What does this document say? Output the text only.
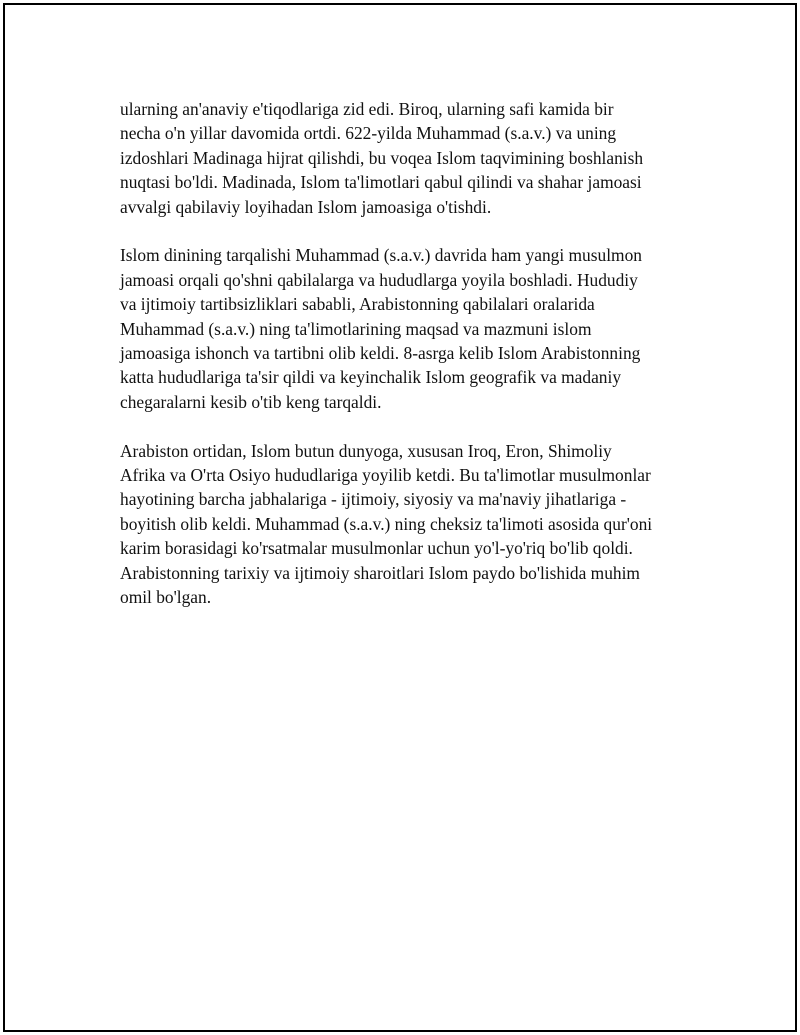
ularning an'anaviy e'tiqodlariga zid edi. Biroq, ularning safi kamida bir
necha o'n yillar davomida ortdi. 622-yilda Muhammad (s.a.v.) va uning
izdoshlari Madinaga hijrat qilishdi, bu voqea Islom taqvimining boshlanish
nuqtasi bo'ldi. Madinada, Islom ta'limotlari qabul qilindi va shahar jamoasi
avvalgi qabilaviy loyihadan Islom jamoasiga o'tishdi.

Islom dinining tarqalishi Muhammad (s.a.v.) davrida ham yangi musulmon
jamoasi orqali qo'shni qabilalarga va hududlarga yoyila boshladi. Hududiy
va ijtimoiy tartibsizliklari sababli, Arabistonning qabilalari oralarida
Muhammad (s.a.v.) ning ta'limotlarining maqsad va mazmuni islom
jamoasiga ishonch va tartibni olib keldi. 8-asrga kelib Islom Arabistonning
katta hududlariga ta'sir qildi va keyinchalik Islom geografik va madaniy
chegaralarni kesib o'tib keng tarqaldi.

Arabiston ortidan, Islom butun dunyoga, xususan Iroq, Eron, Shimoliy
Afrika va O'rta Osiyo hududlariga yoyilib ketdi. Bu ta'limotlar musulmonlar
hayotining barcha jabhalariga - ijtimoiy, siyosiy va ma'naviy jihatlariga -
boyitish olib keldi. Muhammad (s.a.v.) ning cheksiz ta'limoti asosida qur'oni
karim borasidagi ko'rsatmalar musulmonlar uchun yo'l-yo'riq bo'lib qoldi.
Arabistonning tarixiy va ijtimoiy sharoitlari Islom paydo bo'lishida muhim
omil bo'lgan.
